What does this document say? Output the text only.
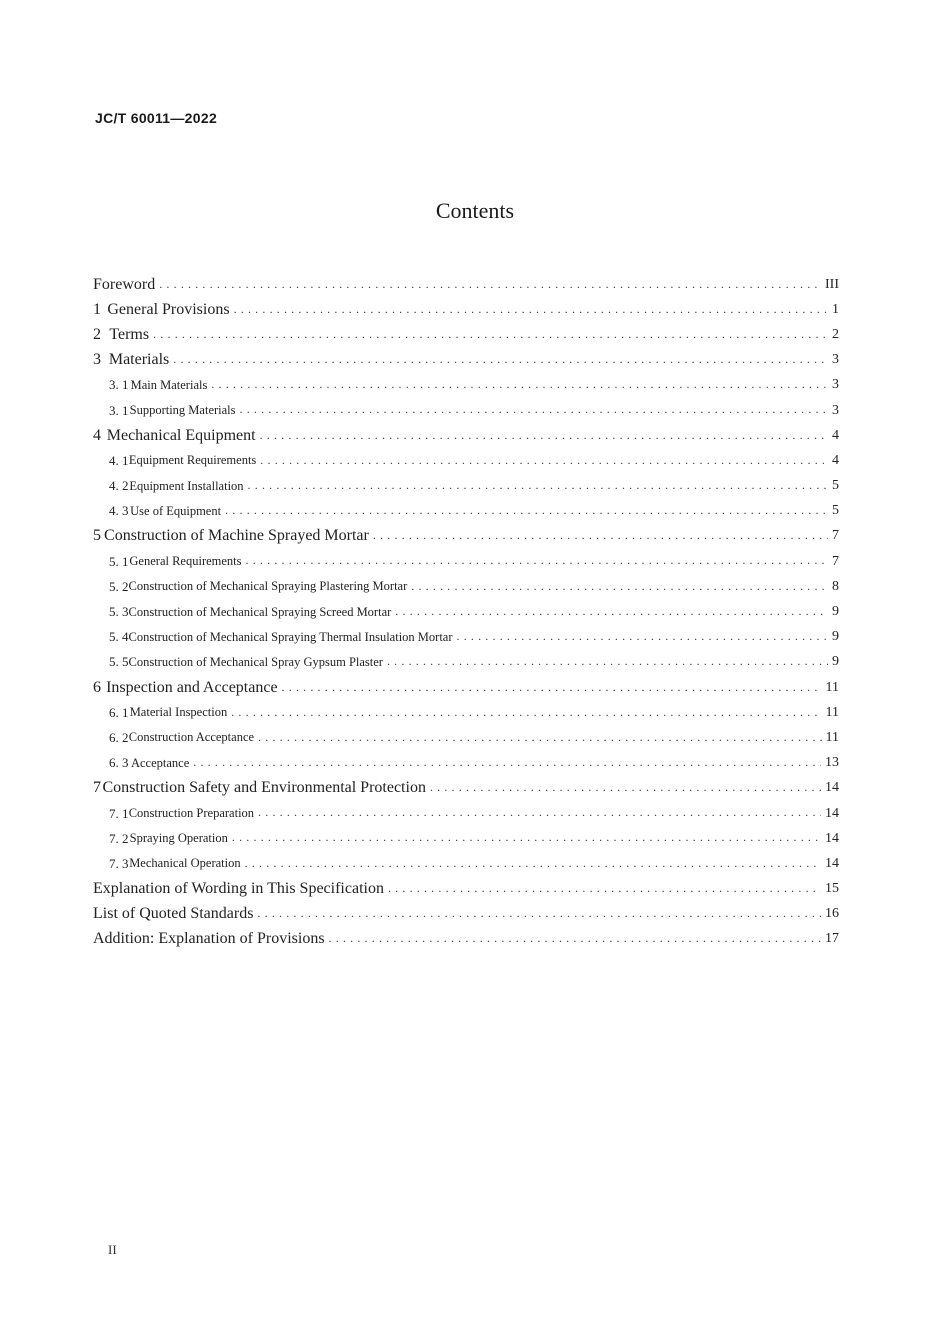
JC/T 60011—2022
Contents
Foreword . . .	III
1 General Provisions . . .	1
2 Terms . . .	2
3 Materials . . .	3
3. 1 Main Materials . . .	3
3. 1 Supporting Materials . . .	3
4 Mechanical Equipment . . .	4
4. 1 Equipment Requirements . . .	4
4. 2 Equipment Installation . . .	5
4. 3 Use of Equipment . . .	5
5 Construction of Machine Sprayed Mortar . . .	7
5. 1 General Requirements . . .	7
5. 2 Construction of Mechanical Spraying Plastering Mortar . . .	8
5. 3 Construction of Mechanical Spraying Screed Mortar . . .	9
5. 4 Construction of Mechanical Spraying Thermal Insulation Mortar . . .	9
5. 5 Construction of Mechanical Spray Gypsum Plaster . . .	9
6 Inspection and Acceptance . . .	11
6. 1 Material Inspection . . .	11
6. 2 Construction Acceptance . . .	11
6. 3 Acceptance . . .	13
7 Construction Safety and Environmental Protection . . .	14
7. 1 Construction Preparation . . .	14
7. 2 Spraying Operation . . .	14
7. 3 Mechanical Operation . . .	14
Explanation of Wording in This Specification . . .	15
List of Quoted Standards . . .	16
Addition: Explanation of Provisions . . .	17
II
